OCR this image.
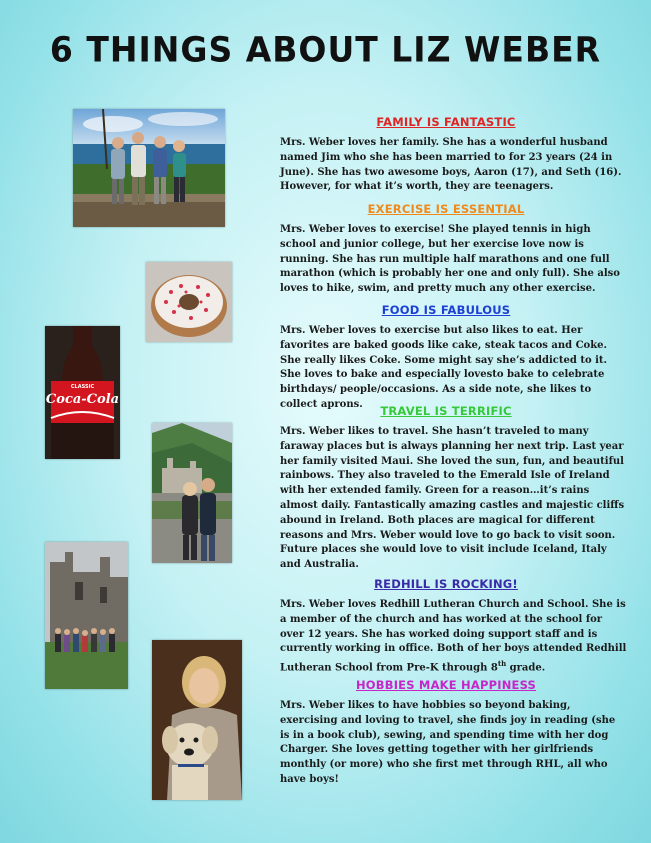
6 THINGS ABOUT LIZ WEBER
CLASSIC
Coca-Cola
FAMILY IS FANTASTIC
Mrs. Weber loves her family. She has a wonderful husband named Jim who she has been married to for 23 years (24 in June). She has two awesome boys, Aaron (17), and Seth (16). However, for what it’s worth, they are teenagers.
EXERCISE IS ESSENTIAL
Mrs. Weber loves to exercise! She played tennis in high school and junior college, but her exercise love now is running. She has run multiple half marathons and one full marathon (which is probably her one and only full). She also loves to hike, swim, and pretty much any other exercise.
FOOD IS FABULOUS
Mrs. Weber loves to exercise but also likes to eat. Her favorites are baked goods like cake, steak tacos and Coke. She really likes Coke. Some might say she’s addicted to it. She loves to bake and especially lovesto bake to celebrate birthdays/ people/occasions. As a side note, she likes to collect aprons.	TRAVEL IS TERRIFIC
Mrs. Weber likes to travel. She hasn’t traveled to many faraway places but is always planning her next trip. Last year her family visited Maui. She loved the sun, fun, and beautiful rainbows. They also traveled to the Emerald Isle of Ireland with her extended family. Green for a reason…it’s rains almost daily. Fantastically amazing castles and majestic cliffs abound in Ireland. Both places are magical for different reasons and Mrs. Weber would love to go back to visit soon. Future places she would love to visit include Iceland, Italy and Australia.
REDHILL IS ROCKING!
Mrs. Weber loves Redhill Lutheran Church and School. She is a member of the church and has worked at the school for over 12 years. She has worked doing support staff and is currently working in office. Both of her boys attended Redhill Lutheran School from Pre-K through 8th grade.
HOBBIES MAKE HAPPINESS
Mrs. Weber likes to have hobbies so beyond baking, exercising and loving to travel, she finds joy in reading (she is in a book club), sewing, and spending time with her dog Charger. She loves getting together with her girlfriends monthly (or more) who she first met through RHL, all who have boys!
